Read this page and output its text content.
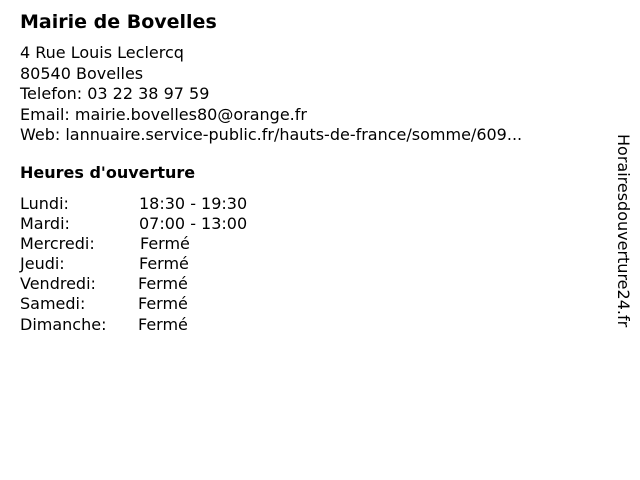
Mairie de Bovelles
4 Rue Louis Leclercq
80540 Bovelles
Telefon: 03 22 38 97 59
Email: mairie.bovelles80@orange.fr
Web: lannuaire.service-public.fr/hauts-de-france/somme/609...
Heures d'ouverture
Lundi:	18:30 - 19:30
Mardi:	07:00 - 13:00
Mercredi:	Fermé
Jeudi:	Fermé
Vendredi:	Fermé
Samedi:	Fermé
Dimanche: Fermé	Horairesdouverture24.fr
